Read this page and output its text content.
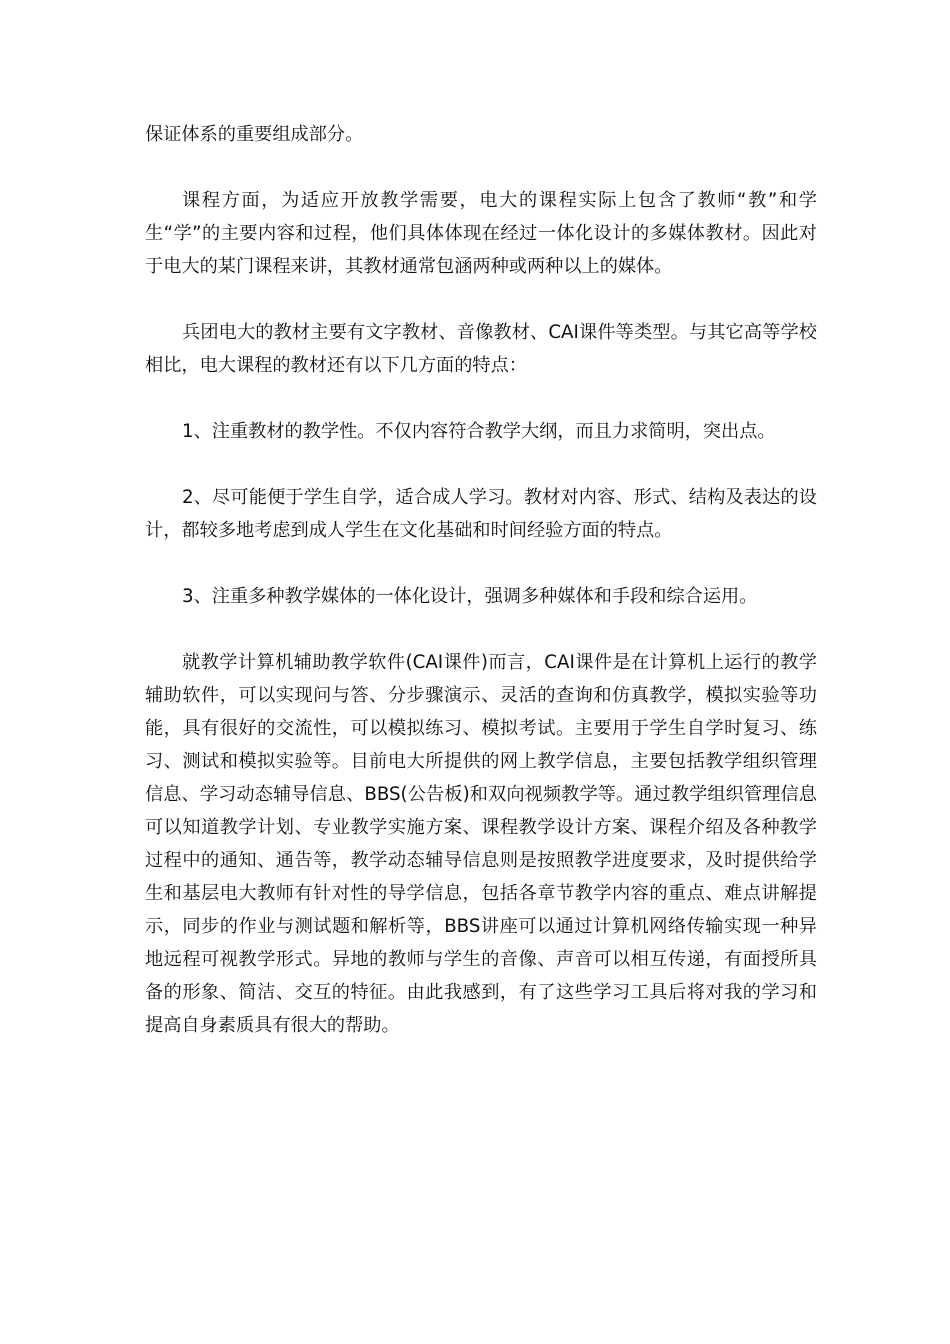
保证体系的重要组成部分。

课程方面，为适应开放教学需要，电大的课程实际上包含了教师“教”和学生“学”的主要内容和过程，他们具体体现在经过一体化设计的多媒体教材。因此对于电大的某门课程来讲，其教材通常包涵两种或两种以上的媒体。

兵团电大的教材主要有文字教材、音像教材、CAI课件等类型。与其它高等学校相比，电大课程的教材还有以下几方面的特点：

1、注重教材的教学性。不仅内容符合教学大纲，而且力求简明，突出点。

2、尽可能便于学生自学，适合成人学习。教材对内容、形式、结构及表达的设计，都较多地考虑到成人学生在文化基础和时间经验方面的特点。

3、注重多种教学媒体的一体化设计，强调多种媒体和手段和综合运用。

就教学计算机辅助教学软件(CAI课件)而言，CAI课件是在计算机上运行的教学辅助软件，可以实现问与答、分步骤演示、灵活的查询和仿真教学，模拟实验等功能，具有很好的交流性，可以模拟练习、模拟考试。主要用于学生自学时复习、练习、测试和模拟实验等。目前电大所提供的网上教学信息，主要包括教学组织管理信息、学习动态辅导信息、BBS(公告板)和双向视频教学等。通过教学组织管理信息可以知道教学计划、专业教学实施方案、课程教学设计方案、课程介绍及各种教学过程中的通知、通告等，教学动态辅导信息则是按照教学进度要求，及时提供给学生和基层电大教师有针对性的导学信息，包括各章节教学内容的重点、难点讲解提示，同步的作业与测试题和解析等，BBS讲座可以通过计算机网络传输实现一种异地远程可视教学形式。异地的教师与学生的音像、声音可以相互传递，有面授所具备的形象、简洁、交互的特征。由此我感到，有了这些学习工具后将对我的学习和提高自身素质具有很大的帮助。
